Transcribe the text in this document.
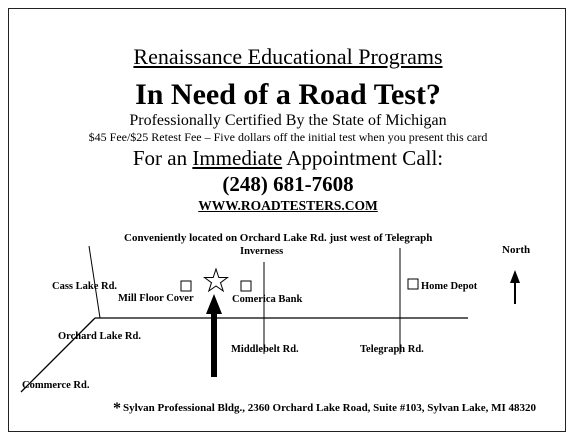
Renaissance Educational Programs
In Need of a Road Test?
Professionally Certified By the State of Michigan
$45 Fee/$25 Retest Fee – Five dollars off the initial test when you present this card
For an Immediate Appointment Call:
(248) 681-7608
WWW.ROADTESTERS.COM
Conveniently located on Orchard Lake Rd. just west of Telegraph
Inverness	North
Cass Lake Rd.
Mill Floor Cover	Comerica Bank
Home Depot
Orchard Lake Rd.
Middlebelt Rd.	Telegraph Rd.
Commerce Rd.
* Sylvan Professional Bldg., 2360 Orchard Lake Road, Suite #103, Sylvan Lake, MI 48320
